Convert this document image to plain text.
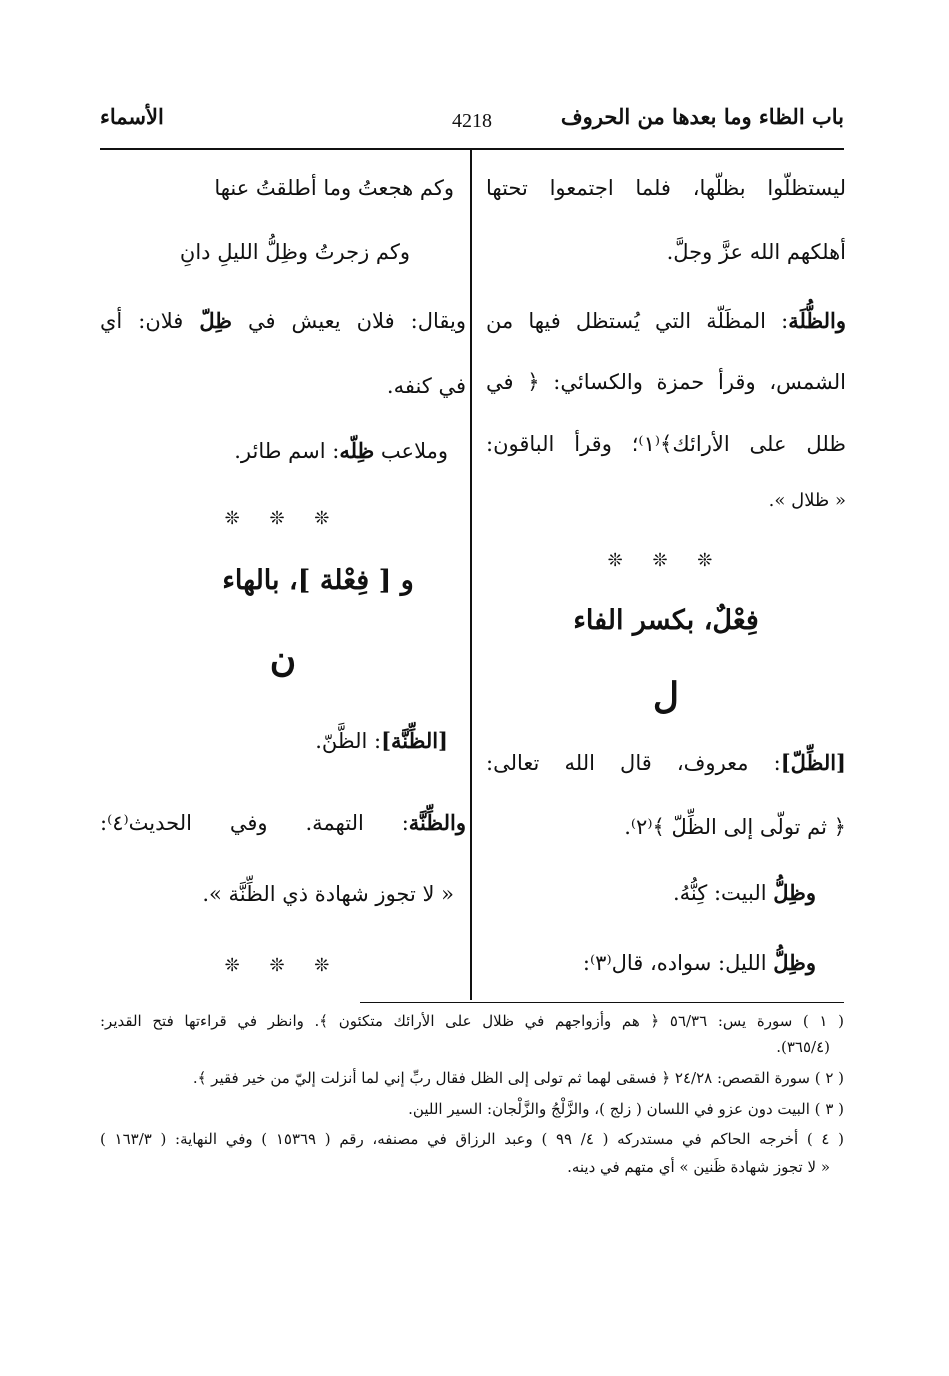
باب الظاء وما بعدها من الحروف
4218
الأسماء
ليستظلّوا بظلّها، فلما اجتمعوا تحتها
أهلكهم الله عزَّ وجلَّ.
والظُّلَة: المظَلّة التي يُستظل فيها من
الشمس، وقرأ حمزة والكسائي: ﴿ في
ظلل على الأرائك﴾⁽١⁾؛ وقرأ الباقون:
« ظلال ».
❊ ❊ ❊
فِعْلٌ، بكسر الفاء
ل
[الظِّلّ]: معروف، قال الله تعالى:
﴿ ثم تولّى إلى الظِّلّ ﴾⁽٢⁾.
وظِلُّ البيت: كِنُّهُ.
وظِلُّ الليل: سواده، قال⁽٣⁾:
وكم هجعتُ وما أطلقتُ عنها
وكم زجرتُ وظِلُّ الليلِ دانِ
ويقال: فلان يعيش في ظِلّ فلان: أي
في كنفه.
وملاعب ظِلّه: اسم طائر.
❊ ❊ ❊
و [ فِعْلة ]، بالهاء
ن
[الظِّنَّة]: الظَّنّ.
والظِّنَّة: التهمة. وفي الحديث⁽٤⁾:
« لا تجوز شهادة ذي الظِّنَّة ».
❊ ❊ ❊
( ١ ) سورة يس: ٥٦/٣٦ ﴿ هم وأزواجهم في ظلال على الأرائك متكئون ﴾. وانظر في قراءتها فتح القدير:
(٣٦٥/٤).
( ٢ ) سورة القصص: ٢٤/٢٨ ﴿ فسقى لهما ثم تولى إلى الظل فقال ربِّ إني لما أنزلت إليّ من خير فقير ﴾.
( ٣ ) البيت دون عزو في اللسان ( زلج )، والزَّلْجُ والزَّلْجان: السير اللين.
( ٤ ) أخرجه الحاكم في مستدركه ( ٤/ ٩٩ ) وعبد الرزاق في مصنفه، رقم ( ١٥٣٦٩ ) وفي النهاية: ( ١٦٣/٣ )
« لا تجوز شهادة ظَنين » أي متهم في دينه.
